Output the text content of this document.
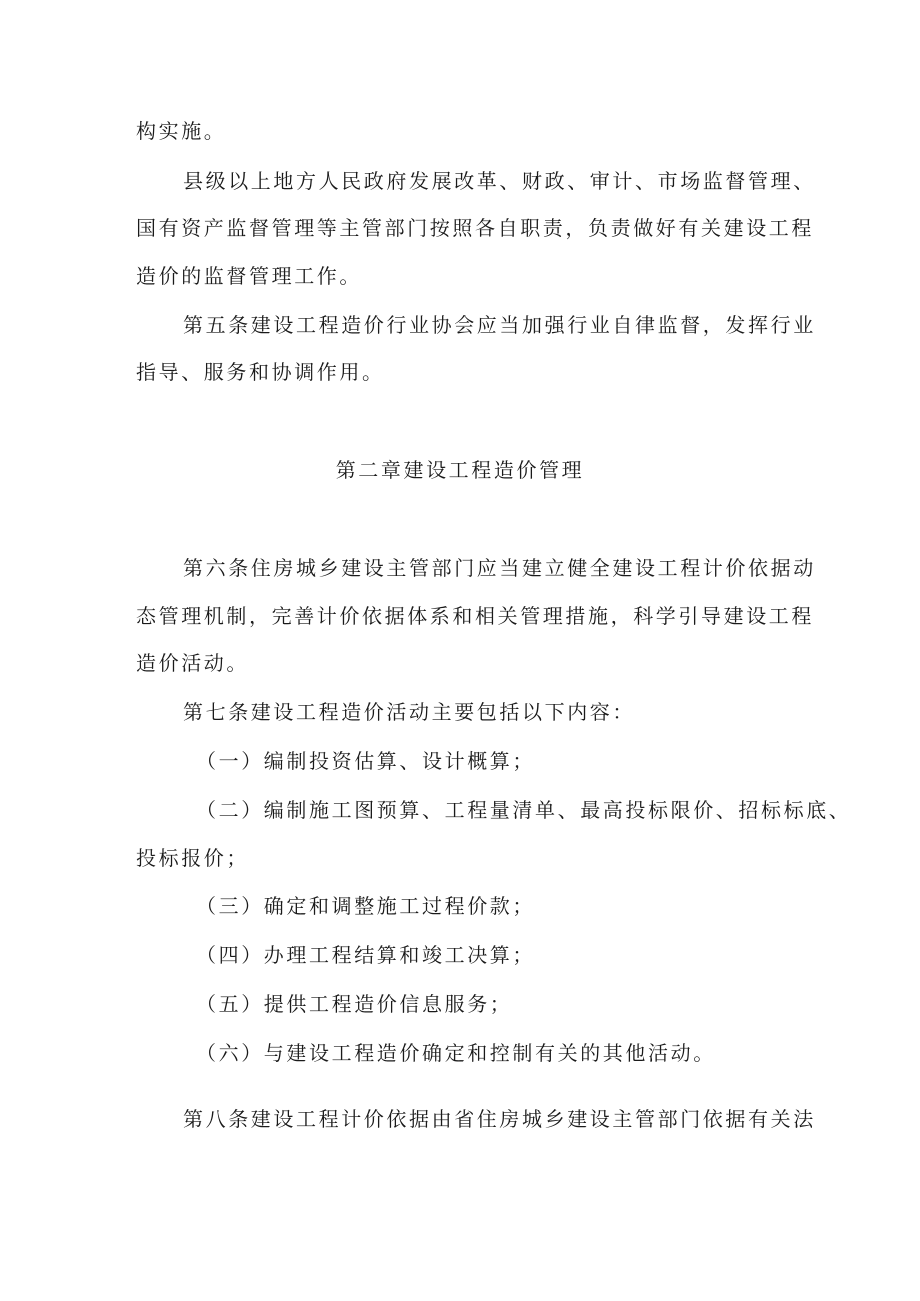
构实施。
县级以上地方人民政府发展改革、财政、审计、市场监督管理、
国有资产监督管理等主管部门按照各自职责，负责做好有关建设工程
造价的监督管理工作。
第五条建设工程造价行业协会应当加强行业自律监督，发挥行业
指导、服务和协调作用。
第二章建设工程造价管理
第六条住房城乡建设主管部门应当建立健全建设工程计价依据动
态管理机制，完善计价依据体系和相关管理措施，科学引导建设工程
造价活动。
第七条建设工程造价活动主要包括以下内容：
（一）编制投资估算、设计概算；
（二）编制施工图预算、工程量清单、最高投标限价、招标标底、
投标报价；
（三）确定和调整施工过程价款；
（四）办理工程结算和竣工决算；
（五）提供工程造价信息服务；
（六）与建设工程造价确定和控制有关的其他活动。
第八条建设工程计价依据由省住房城乡建设主管部门依据有关法
